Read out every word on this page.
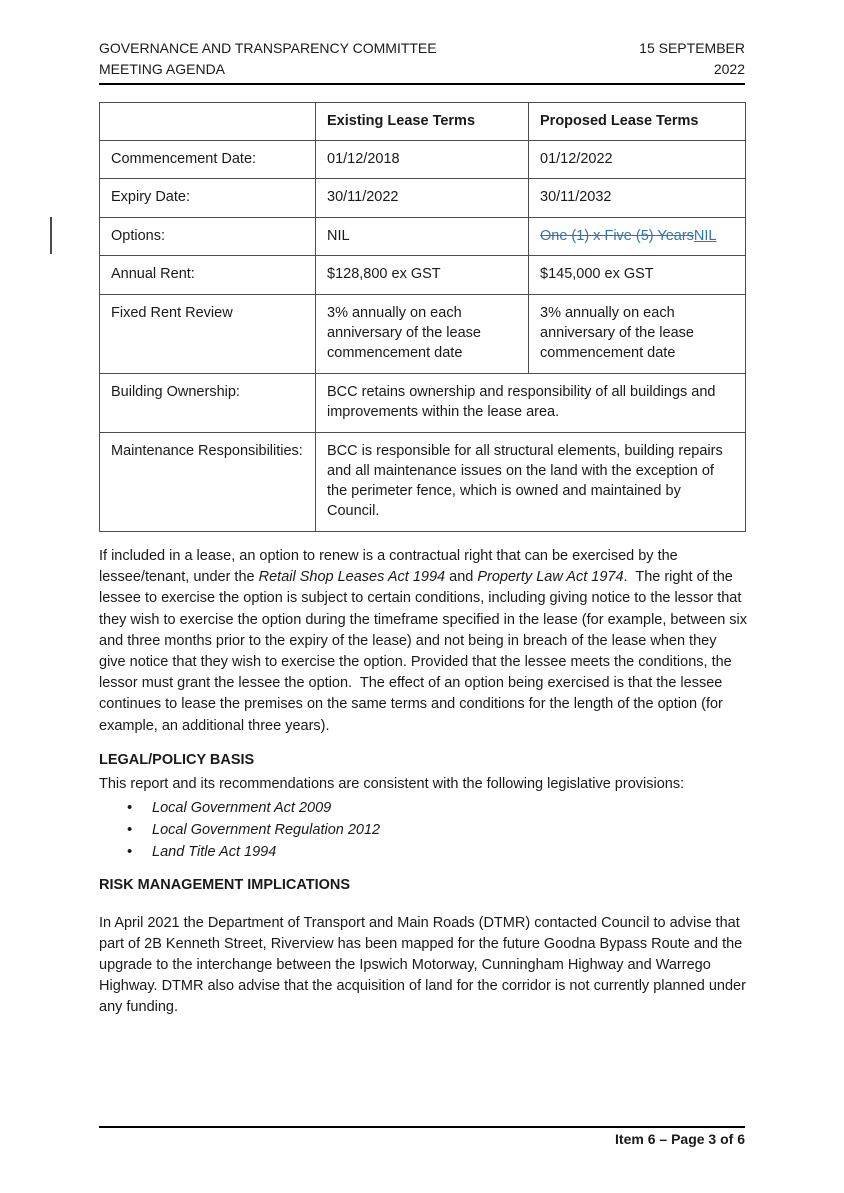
GOVERNANCE AND TRANSPARENCY COMMITTEE	15 SEPTEMBER
MEETING AGENDA	2022
	Existing Lease Terms	Proposed Lease Terms
Commencement Date:	01/12/2018	01/12/2022
Expiry Date:	30/11/2022	30/11/2032
Options:	NIL	One (1) x Five (5) YearsNIL
Annual Rent:	$128,800 ex GST	$145,000 ex GST
Fixed Rent Review	3% annually on each anniversary of the lease commencement date	3% annually on each anniversary of the lease commencement date
Building Ownership:	BCC retains ownership and responsibility of all buildings and improvements within the lease area.	
Maintenance Responsibilities:	BCC is responsible for all structural elements, building repairs and all maintenance issues on the land with the exception of the perimeter fence, which is owned and maintained by Council.	

If included in a lease, an option to renew is a contractual right that can be exercised by the lessee/tenant, under the Retail Shop Leases Act 1994 and Property Law Act 1974.  The right of the lessee to exercise the option is subject to certain conditions, including giving notice to the lessor that they wish to exercise the option during the timeframe specified in the lease (for example, between six and three months prior to the expiry of the lease) and not being in breach of the lease when they give notice that they wish to exercise the option. Provided that the lessee meets the conditions, the lessor must grant the lessee the option.  The effect of an option being exercised is that the lessee continues to lease the premises on the same terms and conditions for the length of the option (for example, an additional three years).

LEGAL/POLICY BASIS

This report and its recommendations are consistent with the following legislative provisions:

• Local Government Act 2009
• Local Government Regulation 2012
• Land Title Act 1994
RISK MANAGEMENT IMPLICATIONS

In April 2021 the Department of Transport and Main Roads (DTMR) contacted Council to advise that part of 2B Kenneth Street, Riverview has been mapped for the future Goodna Bypass Route and the upgrade to the interchange between the Ipswich Motorway, Cunningham Highway and Warrego Highway. DTMR also advise that the acquisition of land for the corridor is not currently planned under any funding.

Item 6 – Page 3 of 6
